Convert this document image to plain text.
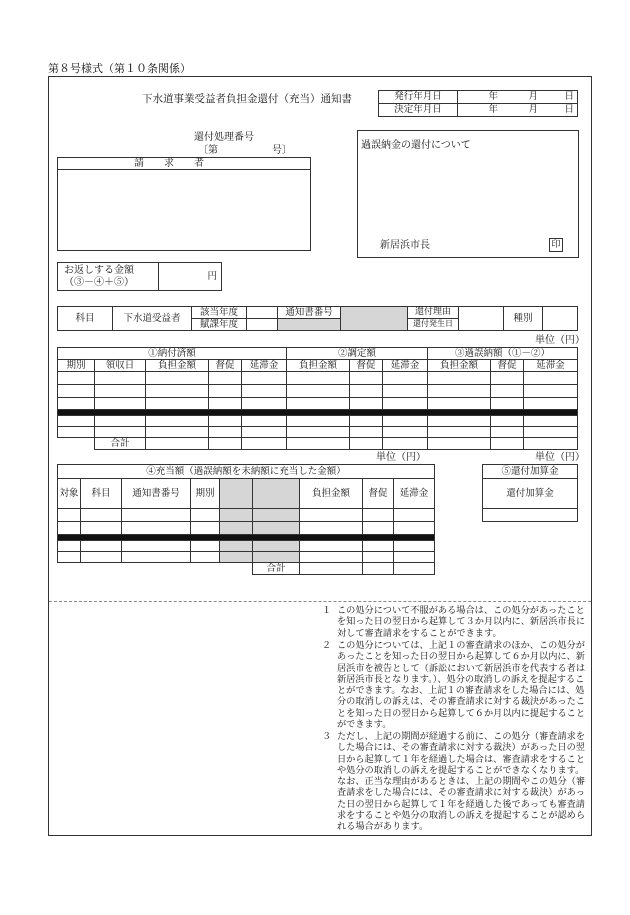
第８号様式（第１０条関係）
下水道事業受益者負担金還付（充当）通知書	発行年月日	年	月	日
決定年月日	年	月	日
還付処理番号
〔第	号〕
請　　求　　者
過誤納金の還付について
新居浜市長	印
お返しする金額
（③－④＋⑤）
	円
科目	下水道受益者	該当年度		通知書番号		還付理由		種別	
		賦課年度				還付発生日			
単位（円）
①納付済額					②調定額			③過誤納額（①－②）		
期別	領収日	負担金額	督促	延滞金	負担金額	督促	延滞金	負担金額	督促	延滞金

	合計									
単位（円）	単位（円）
④充当額（過誤納額を未納額に充当した金額）								
対象	科目	通知書番号	期別			負担金額	督促	延滞金

					合計			
⑤還付加算金
還付加算金

１ この処分について不服がある場合は、この処分があったことを知った日の翌日から起算して３か月以内に、新居浜市長に対して審査請求をすることができます。
２ この処分については、上記１の審査請求のほか、この処分があったことを知った日の翌日から起算して６か月以内に、新居浜市を被告として（訴訟において新居浜市を代表する者は新居浜市長となります。）、処分の取消しの訴えを提起することができます。なお、上記１の審査請求をした場合には、処分の取消しの訴えは、その審査請求に対する裁決があったことを知った日の翌日から起算して６か月以内に提起することができます。
３ ただし、上記の期間が経過する前に、この処分（審査請求をした場合には、その審査請求に対する裁決）があった日の翌日から起算して１年を経過した場合は、審査請求をすることや処分の取消しの訴えを提起することができなくなります。なお、正当な理由があるときは、上記の期間やこの処分（審査請求をした場合には、その審査請求に対する裁決）があった日の翌日から起算して１年を経過した後であっても審査請求をすることや処分の取消しの訴えを提起することが認められる場合があります。
